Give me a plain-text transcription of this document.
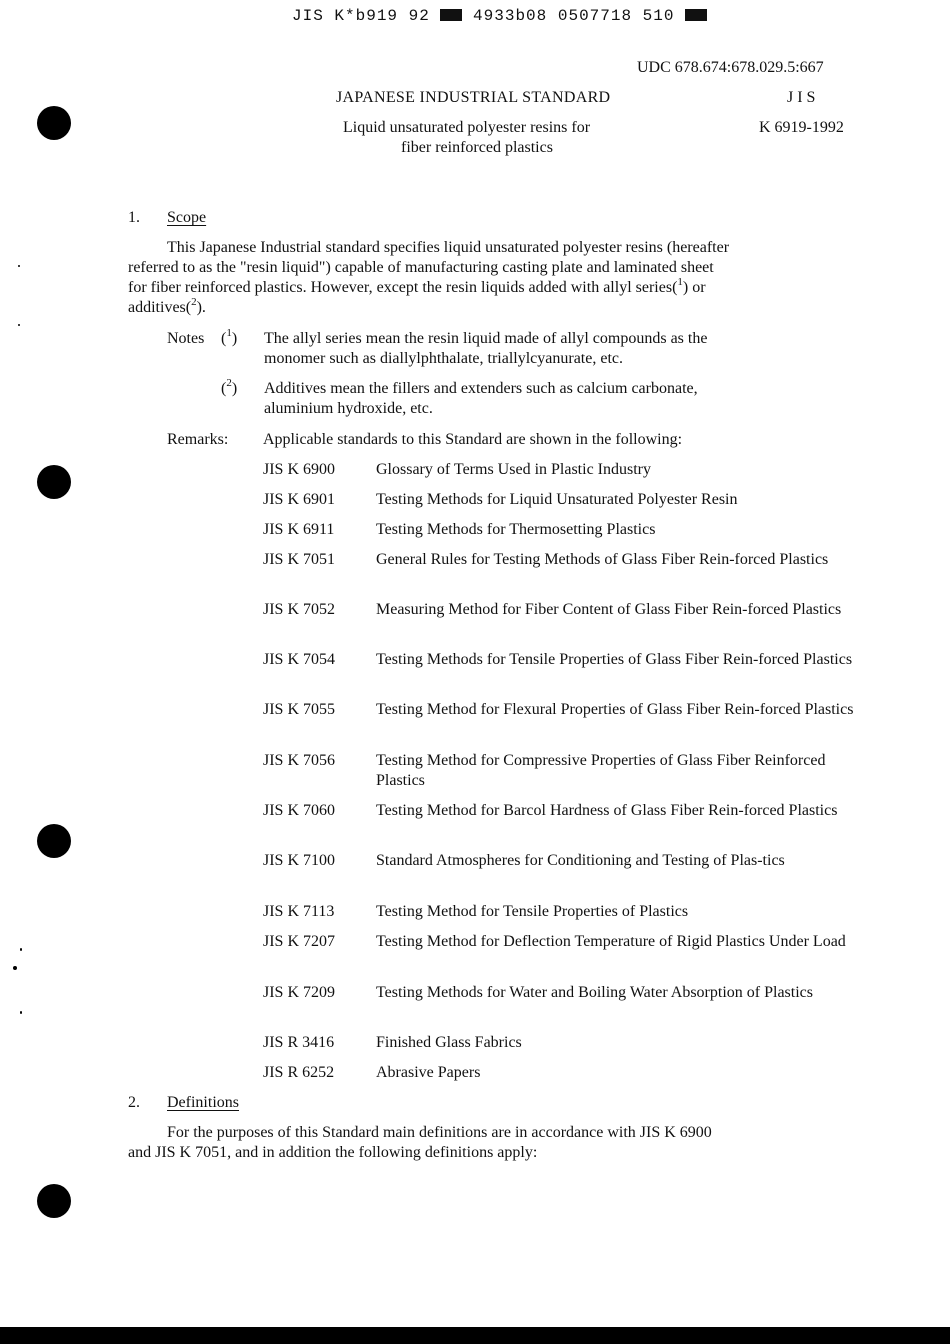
JIS K*b919 92	4933b08 0507718 510
UDC 678.674:678.029.5:667
JAPANESE INDUSTRIAL STANDARD	J I S
Liquid unsaturated polyester resins for
fiber reinforced plastics
K 6919-1992
1. Scope
This Japanese Industrial standard specifies liquid unsaturated polyester resins (hereafter
referred to as the "resin liquid") capable of manufacturing casting plate and laminated sheet
for fiber reinforced plastics. However, except the resin liquids added with allyl series($^1$) or
additives($^2$).
Notes ($^1$) The allyl series mean the resin liquid made of allyl compounds as the
monomer such as diallylphthalate, triallylcyanurate, etc.
($^2$) Additives mean the fillers and extenders such as calcium carbonate,
aluminium hydroxide, etc.
Remarks: Applicable standards to this Standard are shown in the following:
JIS K 6900	Glossary of Terms Used in Plastic Industry
JIS K 6901	Testing Methods for Liquid Unsaturated Polyester Resin
JIS K 6911	Testing Methods for Thermosetting Plastics
JIS K 7051	General Rules for Testing Methods of Glass Fiber Rein-forced Plastics
JIS K 7052	Measuring Method for Fiber Content of Glass Fiber Rein-forced Plastics
JIS K 7054	Testing Methods for Tensile Properties of Glass Fiber Rein-forced Plastics
JIS K 7055	Testing Method for Flexural Properties of Glass Fiber Rein-forced Plastics
JIS K 7056	Testing Method for Compressive Properties of Glass Fiber Reinforced Plastics
JIS K 7060	Testing Method for Barcol Hardness of Glass Fiber Rein-forced Plastics
JIS K 7100	Standard Atmospheres for Conditioning and Testing of Plas-tics
JIS K 7113	Testing Method for Tensile Properties of Plastics
JIS K 7207	Testing Method for Deflection Temperature of Rigid Plastics Under Load
JIS K 7209	Testing Methods for Water and Boiling Water Absorption of Plastics
JIS R 3416	Finished Glass Fabrics
JIS R 6252	Abrasive Papers
2. Definitions
For the purposes of this Standard main definitions are in accordance with JIS K 6900
and JIS K 7051, and in addition the following definitions apply:
